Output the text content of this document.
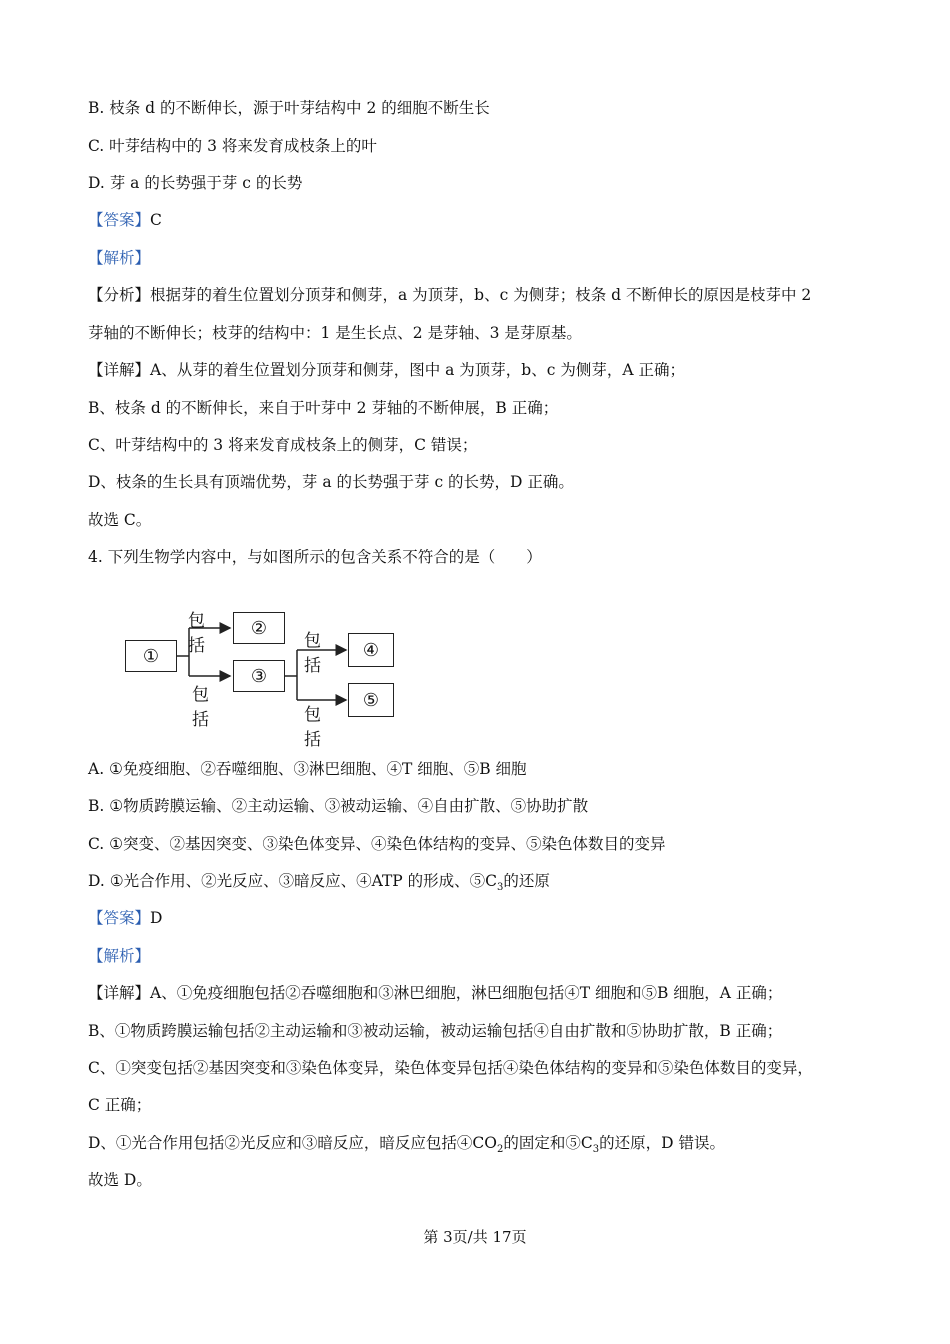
B. 枝条 d 的不断伸长，源于叶芽结构中 2 的细胞不断生长
C. 叶芽结构中的 3 将来发育成枝条上的叶
D. 芽 a 的长势强于芽 c 的长势
【答案】C
【解析】
【分析】根据芽的着生位置划分顶芽和侧芽，a 为顶芽，b、c 为侧芽；枝条 d 不断伸长的原因是枝芽中 2
芽轴的不断伸长；枝芽的结构中：1 是生长点、2 是芽轴、3 是芽原基。
【详解】A、从芽的着生位置划分顶芽和侧芽，图中 a 为顶芽，b、c 为侧芽，A 正确；
B、枝条 d 的不断伸长，来自于叶芽中 2 芽轴的不断伸展，B 正确；
C、叶芽结构中的 3 将来发育成枝条上的侧芽，C 错误；
D、枝条的生长具有顶端优势，芽 a 的长势强于芽 c 的长势，D 正确。
故选 C。
4. 下列生物学内容中，与如图所示的包含关系不符合的是（　　）
①
②
③
④
⑤
包括
包括
包括
包括
A. ①免疫细胞、②吞噬细胞、③淋巴细胞、④T 细胞、⑤B 细胞
B. ①物质跨膜运输、②主动运输、③被动运输、④自由扩散、⑤协助扩散
C. ①突变、②基因突变、③染色体变异、④染色体结构的变异、⑤染色体数目的变异
D. ①光合作用、②光反应、③暗反应、④ATP 的形成、$⑤C_3$的还原
【答案】D
【解析】
【详解】A、①免疫细胞包括②吞噬细胞和③淋巴细胞，淋巴细胞包括④T 细胞和⑤B 细胞，A 正确；
B、①物质跨膜运输包括②主动运输和③被动运输，被动运输包括④自由扩散和⑤协助扩散，B 正确；
C、①突变包括②基因突变和③染色体变异，染色体变异包括④染色体结构的变异和⑤染色体数目的变异，
C 正确；
D、①光合作用包括②光反应和③暗反应，暗反应包括$④CO_2$的固定和$⑤C_3$的还原，D 错误。
故选 D。
第 3页/共 17页
